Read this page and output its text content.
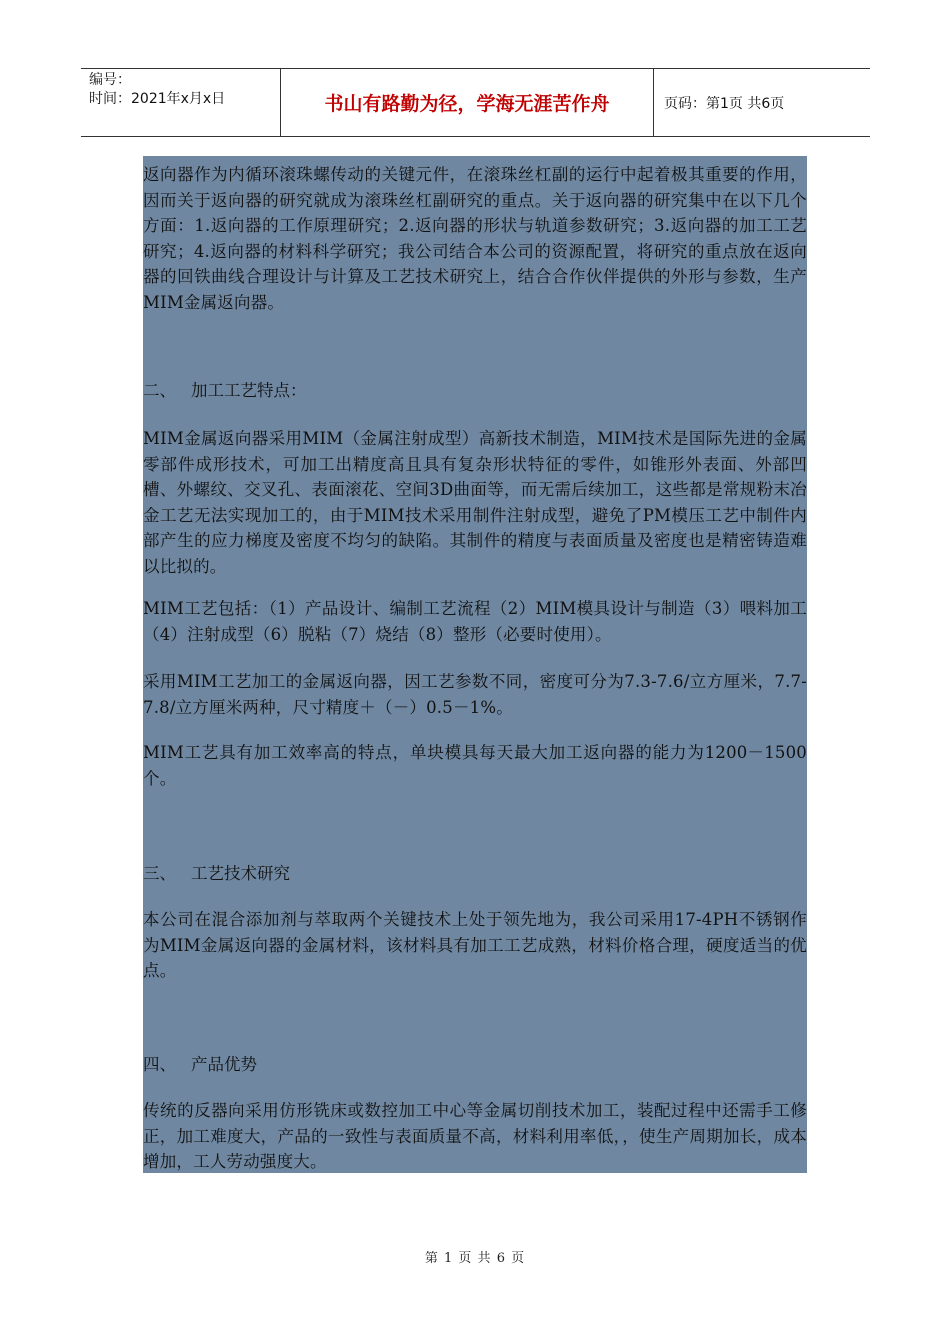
编号：
时间：2021年x月x日	书山有路勤为径，学海无涯苦作舟	页码：第1页 共6页

返向器作为内循环滚珠螺传动的关键元件，在滚珠丝杠副的运行中起着极其重要的作用，因而关于返向器的研究就成为滚珠丝杠副研究的重点。关于返向器的研究集中在以下几个方面：1.返向器的工作原理研究；2.返向器的形状与轨道参数研究；3.返向器的加工工艺研究；4.返向器的材料科学研究；我公司结合本公司的资源配置，将研究的重点放在返向器的回铁曲线合理设计与计算及工艺技术研究上，结合合作伙伴提供的外形与参数，生产MIM金属返向器。

二、 加工工艺特点：

MIM金属返向器采用MIM（金属注射成型）高新技术制造，MIM技术是国际先进的金属零部件成形技术，可加工出精度高且具有复杂形状特征的零件，如锥形外表面、外部凹槽、外螺纹、交叉孔、表面滚花、空间3D曲面等，而无需后续加工，这些都是常规粉末冶金工艺无法实现加工的，由于MIM技术采用制件注射成型，避免了PM模压工艺中制件内部产生的应力梯度及密度不均匀的缺陷。其制件的精度与表面质量及密度也是精密铸造难以比拟的。

MIM工艺包括：（1）产品设计、编制工艺流程（2）MIM模具设计与制造（3）喂料加工（4）注射成型（6）脱粘（7）烧结（8）整形（必要时使用）。

采用MIM工艺加工的金属返向器，因工艺参数不同，密度可分为7.3-7.6/立方厘米，7.7-7.8/立方厘米两种，尺寸精度＋（－）0.5－1%。

MIM工艺具有加工效率高的特点，单块模具每天最大加工返向器的能力为1200－1500个。

三、 工艺技术研究

本公司在混合添加剂与萃取两个关键技术上处于领先地为，我公司采用17-4PH不锈钢作为MIM金属返向器的金属材料，该材料具有加工工艺成熟，材料价格合理，硬度适当的优点。

四、 产品优势

传统的反器向采用仿形铣床或数控加工中心等金属切削技术加工，装配过程中还需手工修正，加工难度大，产品的一致性与表面质量不高，材料利用率低，，使生产周期加长，成本增加，工人劳动强度大。

第 1 页 共 6 页
